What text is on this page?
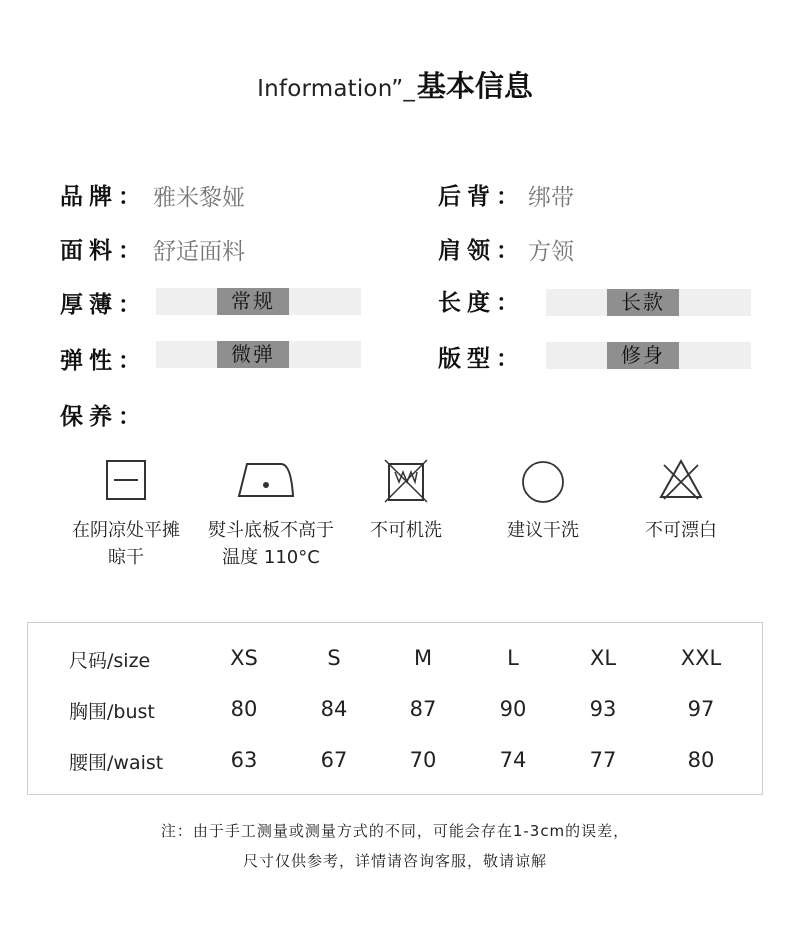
Information”_基本信息
品牌： 雅米黎娅
面料： 舒适面料
厚薄：	常规
弹性：	微弹
保养：
后背： 绑带
肩领： 方领
长度：	长款
版型：	修身
在阴凉处平摊
晾干
熨斗底板不高于
温度 110°C
不可机洗	建议干洗	不可漂白
尺码/size	XS	S	M	L	XL	XXL
胸围/bust	80	84	87	90	93	97
腰围/waist	63	67	70	74	77	80
注：由于手工测量或测量方式的不同，可能会存在1-3cm的误差，
尺寸仅供参考，详情请咨询客服，敬请谅解
